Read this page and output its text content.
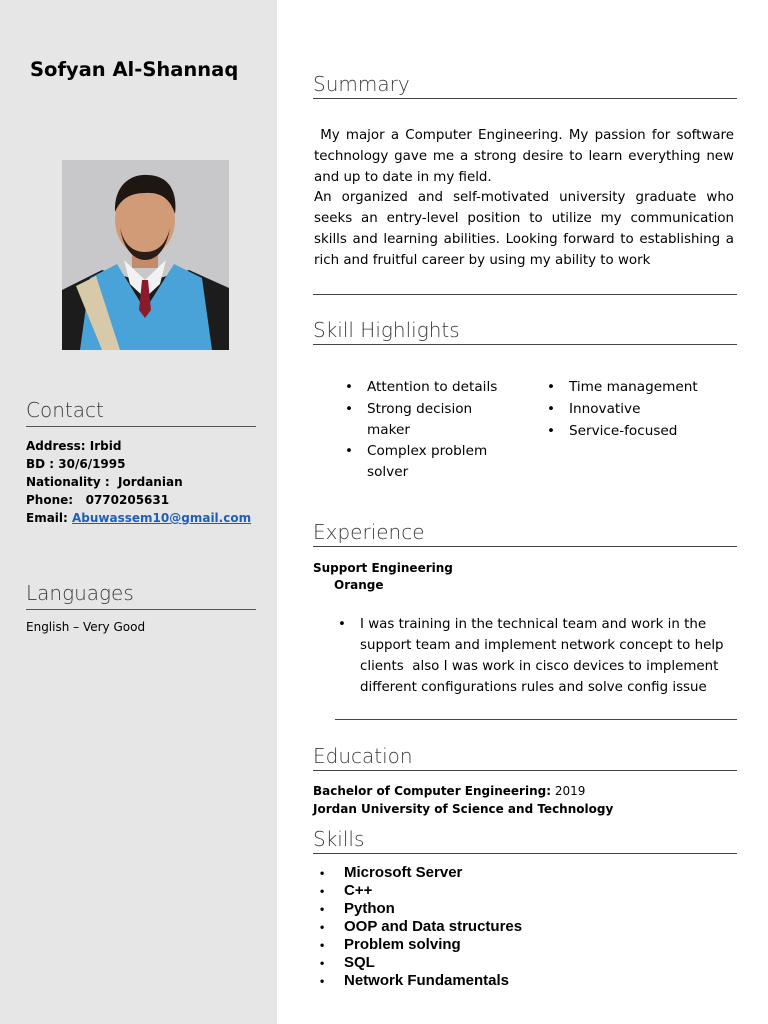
Sofyan Al-Shannaq
Contact
Address: Irbid
BD : 30/6/1995
Nationality :  Jordanian
Phone:   0770205631
Email: Abuwassem10@gmail.com
Languages

English – Very Good

Summary

My major a Computer Engineering. My passion for software technology gave me a strong desire to learn everything new and up to date in my field.

An organized and self-motivated university graduate who seeks an entry-level position to utilize my communication skills and learning abilities. Looking forward to establishing a rich and fruitful career by using my ability to work

Skill Highlights
• Attention to details
• Strong decision maker
• Complex problem solver
• Time management
• Innovative
• Service-focused
Experience
Support Engineering
Orange
• I was training in the technical team and work in the support team and implement network concept to help  clients  also I was work in cisco devices to implement different configurations rules and solve config issue
Education
Bachelor of Computer Engineering: 2019
Jordan University of Science and Technology
Skills
• Microsoft Server
• C++
• Python
• OOP and Data structures
• Problem solving
• SQL
• Network Fundamentals
